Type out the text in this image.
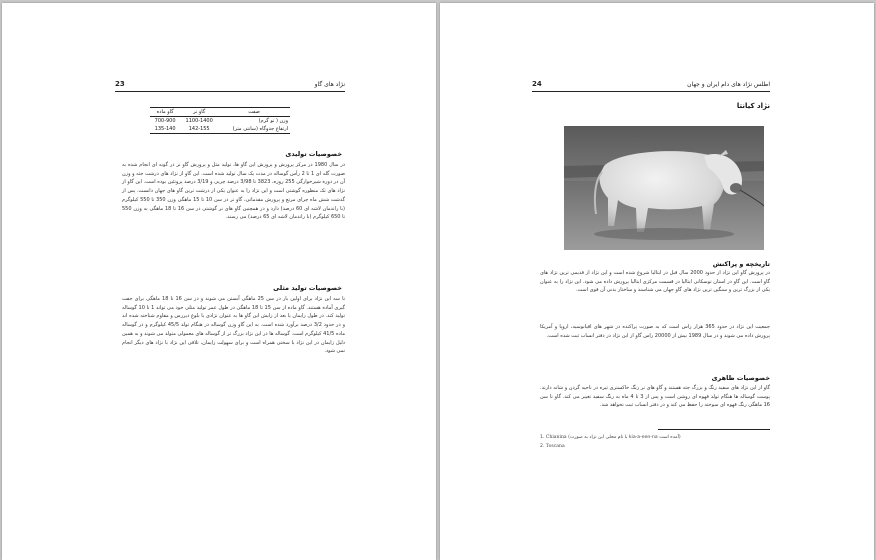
23	نژاد های گاو
صفت	گاو نر	گاو ماده
وزن ( تو گرم)	1100-1400	700-900
ارتفاع جدوگاه (سانتی متر)	142-155	135-140
خصوصیات تولیدی
در سال 1980 در مرکز پرورش و پرورش این گاو ها، تولید مثل و پرورش گاو نر در گونه ای انجام شده به صورت گله ای 1 تا 2 رأس گوساله در مدت یک سال تولید شده است. این گاو از نژاد های درشت جثه و وزن آن در دوره شیرخوارگی 255 روزه، 3823 تا 3/98 درصد چربی و 3/19 درصد پروتئین بوده است. این گاو از نژاد های تک منظوره گوشتی است و این نژاد را به عنوان یکی از درشت ترین گاو های جهان دانست. پس از گذشت شش ماه چرای مرتع و پرورش مقدماتی، گاو نر در سن 10 تا 15 ماهگی وزن 350 تا 550 کیلوگرم (با راندمان لاشه ای 60 درصد) دارد و در همچنین گاو های نر گوشتی در سن 16 تا 18 ماهگی به وزن 550 تا 650 کیلوگرم (با راندمان لاشه ای 65 درصد) می رسند.
خصوصیات تولید مثلی
تا سه این نژاد برای اولین بار در سن 25 ماهگی آبستن می شوند و در سن 16 تا 18 ماهگی برای جفت گیری آماده هستند. گاو ماده از سن 15 تا 18 ماهگی در طول عمر تولید مثلی خود می تواند 1 تا 10 گوساله تولید کند. در طول زایمان یا بعد از زایش این گاو ها به عنوان نژادی با بلوغ دیررس و مقاوم شناخته شده اند و در حدود 3/2 درصد برآورد شده است. به این گاو وزن گوساله در هنگام تولد 45/5 کیلوگرم و در گوساله ماده 41/5 کیلوگرم است. گوساله ها در این نژاد بزرگ تر از گوساله های معمولی متولد می شوند و به همین دلیل زایمان در این نژاد با سختی همراه است و برای سهولت زایمان، تلاقی این نژاد با نژاد های دیگر انجام نمی شود.
24	اطلس نژاد های دام ایران و جهان
نژاد کیانتا
تاریخچه و پراکنش
در پرورش گاو این نژاد از حدود 2000 سال قبل در ایتالیا شروع شده است و این نژاد از قدیمی ترین نژاد های گاو است. این گاو در استان توسکانی ایتالیا در قسمت مرکزی ایتالیا پرورش داده می شود. این نژاد را به عنوان یکی از بزرگ ترین و سنگین ترین نژاد های گاو جهان می شناسند و ساختار بدنی آن قوی است.
جمعیت این نژاد در حدود 365 هزار راس است که به صورت پراکنده در شهر های اقیانوسیه، اروپا و آمریکا پرورش داده می شوند و در سال 1989 بیش از 20000 راس گاو از این نژاد در دفتر انساب ثبت شده است.
خصوصیات ظاهری
گاو از این نژاد های سفید رنگ و بزرگ جثه هستند و گاو های نر رنگ خاکستری تیره در ناحیه گردن و شانه دارند. پوست گوساله ها هنگام تولد قهوه ای روشن است و پس از 3 تا 4 ماه به رنگ سفید تغییر می کند. گاو تا سن 16 ماهگی رنگ قهوه ای سوخته را حفظ می کند و در دفتر انساب ثبت نخواهد شد.
1. Chianina (با نام محلی این نژاد به صورت kia-a-een-na آمده است)
2. Toscana
